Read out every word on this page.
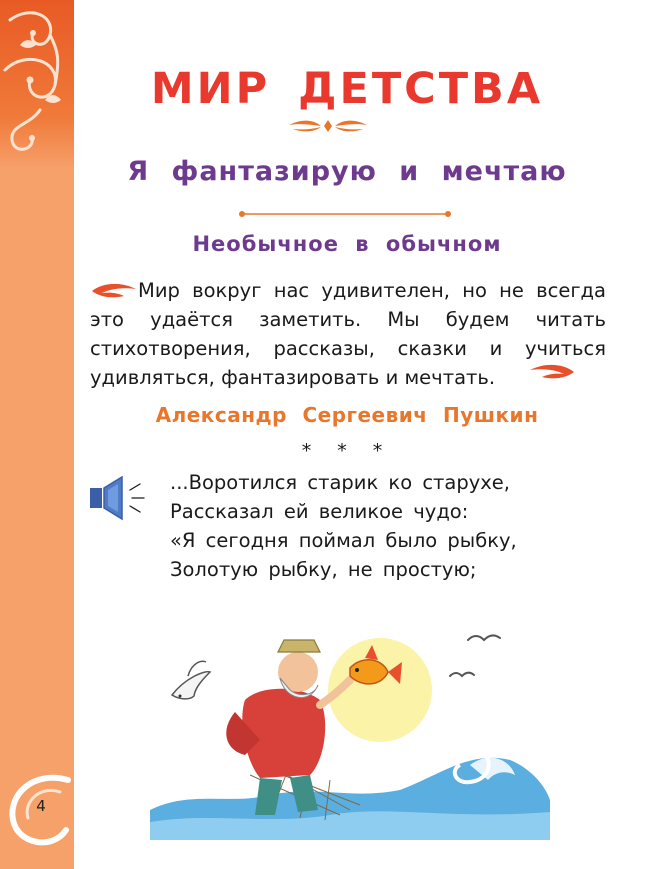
4
МИР ДЕТСТВА
Я фантазирую и мечтаю
Необычное в обычном
Мир вокруг нас удивителен, но не всегда это удаётся заметить. Мы будем читать стихотворения, рассказы, сказки и учиться удивляться, фантазировать и мечтать.
Александр Сергеевич Пушкин
* * *
...Воротился старик ко старухе,
Рассказал ей великое чудо:
«Я сегодня поймал было рыбку,
Золотую рыбку, не простую;
